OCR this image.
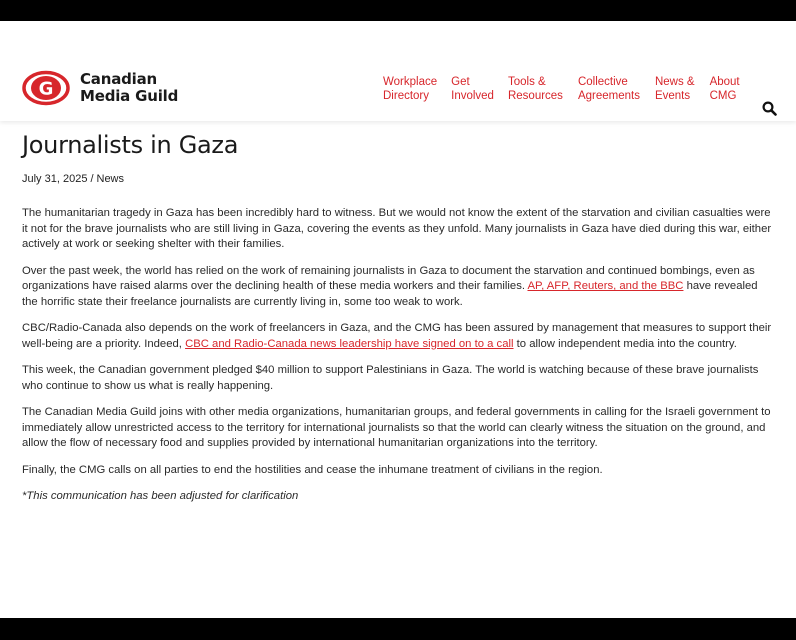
G Canadian
Media Guild
Workplace
Directory
Get
Involved
Tools &
Resources
Collective
Agreements
News &
Events
About
CMG
Journalists in Gaza
July 31, 2025 / News

The humanitarian tragedy in Gaza has been incredibly hard to witness. But we would not know the extent of the starvation and civilian casualties were it not for the brave journalists who are still living in Gaza, covering the events as they unfold. Many journalists in Gaza have died during this war, either actively at work or seeking shelter with their families.

Over the past week, the world has relied on the work of remaining journalists in Gaza to document the starvation and continued bombings, even as organizations have raised alarms over the declining health of these media workers and their families. AP, AFP, Reuters, and the BBC have revealed the horrific state their freelance journalists are currently living in, some too weak to work.

CBC/Radio-Canada also depends on the work of freelancers in Gaza, and the CMG has been assured by management that measures to support their well-being are a priority. Indeed, CBC and Radio-Canada news leadership have signed on to a call to allow independent media into the country.

This week, the Canadian government pledged $40 million to support Palestinians in Gaza. The world is watching because of these brave journalists who continue to show us what is really happening.

The Canadian Media Guild joins with other media organizations, humanitarian groups, and federal governments in calling for the Israeli government to immediately allow unrestricted access to the territory for international journalists so that the world can clearly witness the situation on the ground, and allow the flow of necessary food and supplies provided by international humanitarian organizations into the territory.

Finally, the CMG calls on all parties to end the hostilities and cease the inhumane treatment of civilians in the region.

*This communication has been adjusted for clarification
